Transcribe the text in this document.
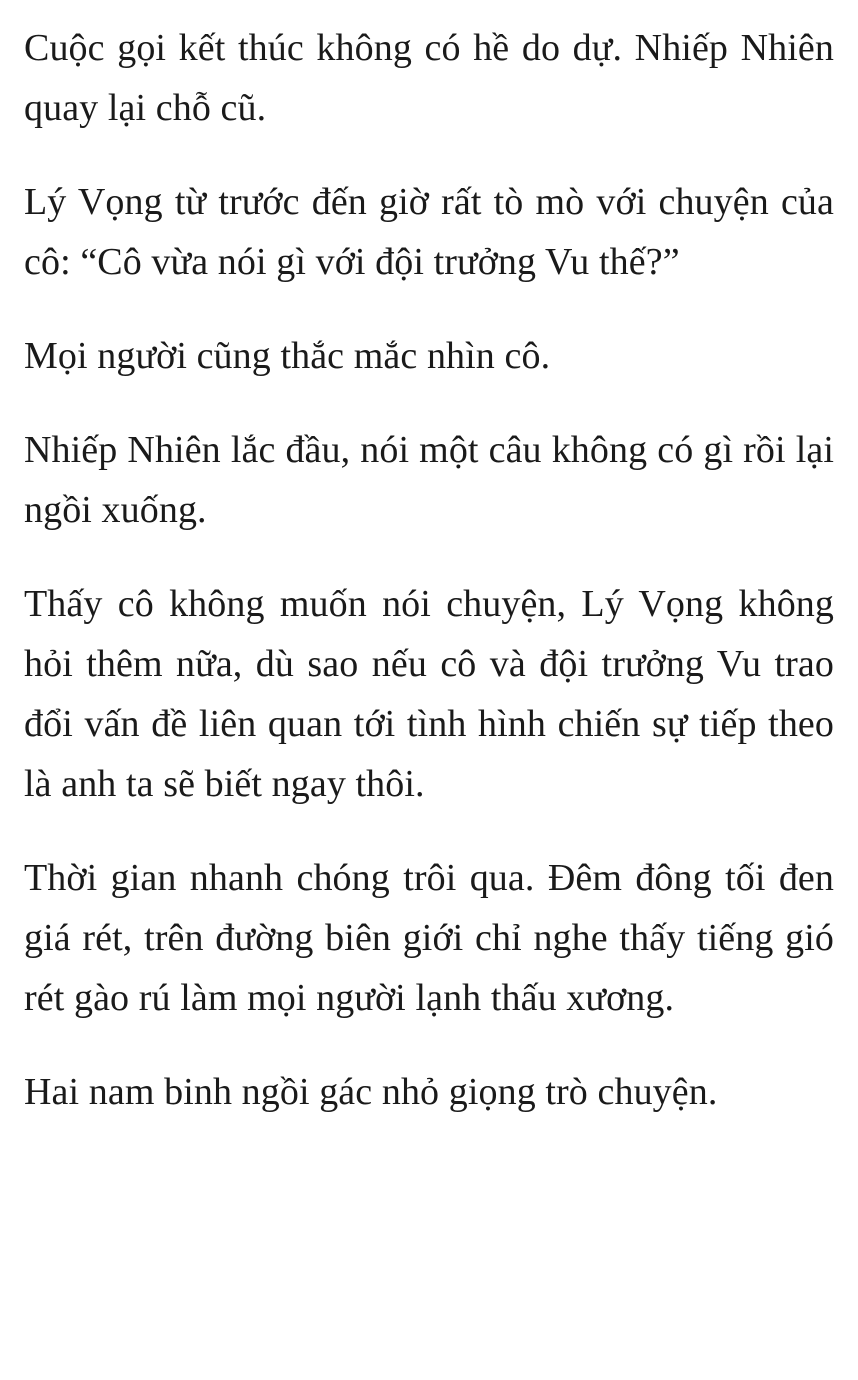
Cuộc gọi kết thúc không có hề do dự. Nhiếp Nhiên quay lại chỗ cũ.

Lý Vọng từ trước đến giờ rất tò mò với chuyện của cô: “Cô vừa nói gì với đội trưởng Vu thế?”

Mọi người cũng thắc mắc nhìn cô.

Nhiếp Nhiên lắc đầu, nói một câu không có gì rồi lại ngồi xuống.

Thấy cô không muốn nói chuyện, Lý Vọng không hỏi thêm nữa, dù sao nếu cô và đội trưởng Vu trao đổi vấn đề liên quan tới tình hình chiến sự tiếp theo là anh ta sẽ biết ngay thôi.

Thời gian nhanh chóng trôi qua. Đêm đông tối đen giá rét, trên đường biên giới chỉ nghe thấy tiếng gió rét gào rú làm mọi người lạnh thấu xương.

Hai nam binh ngồi gác nhỏ giọng trò chuyện.
